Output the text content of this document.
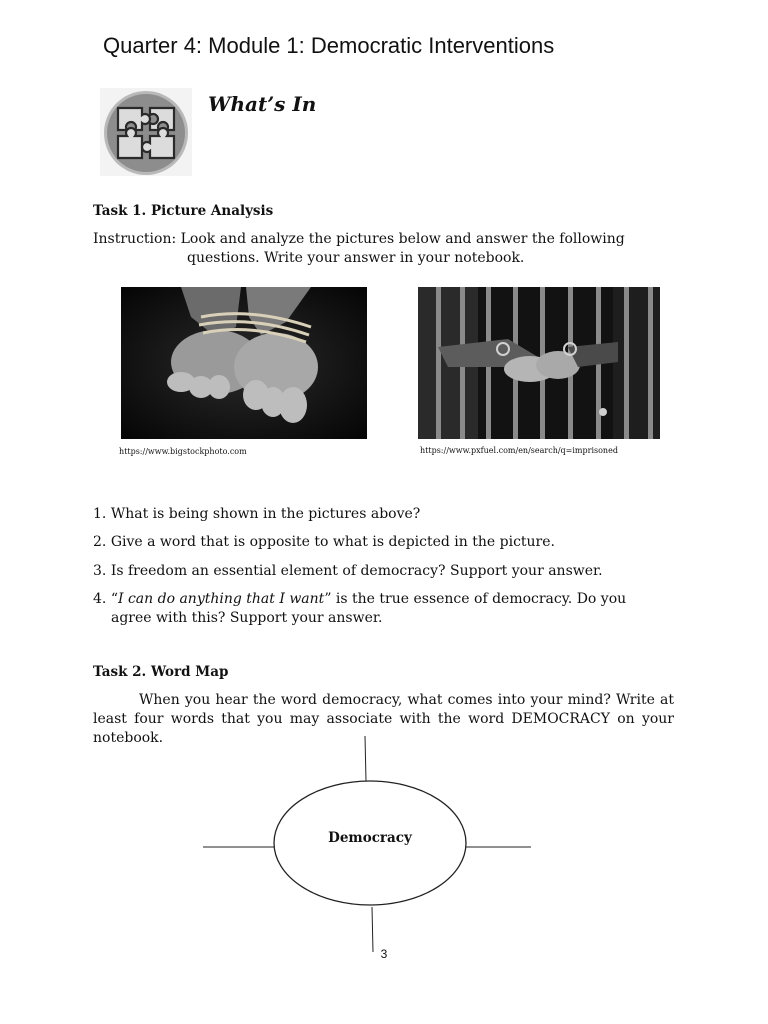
Quarter 4: Module 1: Democratic Interventions
What’s In
Task 1. Picture Analysis
Instruction: Look and analyze the pictures below and answer the following
questions. Write your answer in your notebook.
https://www.bigstockphoto.com	https://www.pxfuel.com/en/search/q=imprisoned
1. What is being shown in the pictures above?
2. Give a word that is opposite to what is depicted in the picture.
3. Is freedom an essential element of democracy? Support your answer.
4. “I can do anything that I want” is the true essence of democracy. Do you
agree with this? Support your answer.
Task 2. Word Map
When you hear the word democracy, what comes into your mind? Write at least four words that you may associate with the word DEMOCRACY on your notebook.
Democracy
3
